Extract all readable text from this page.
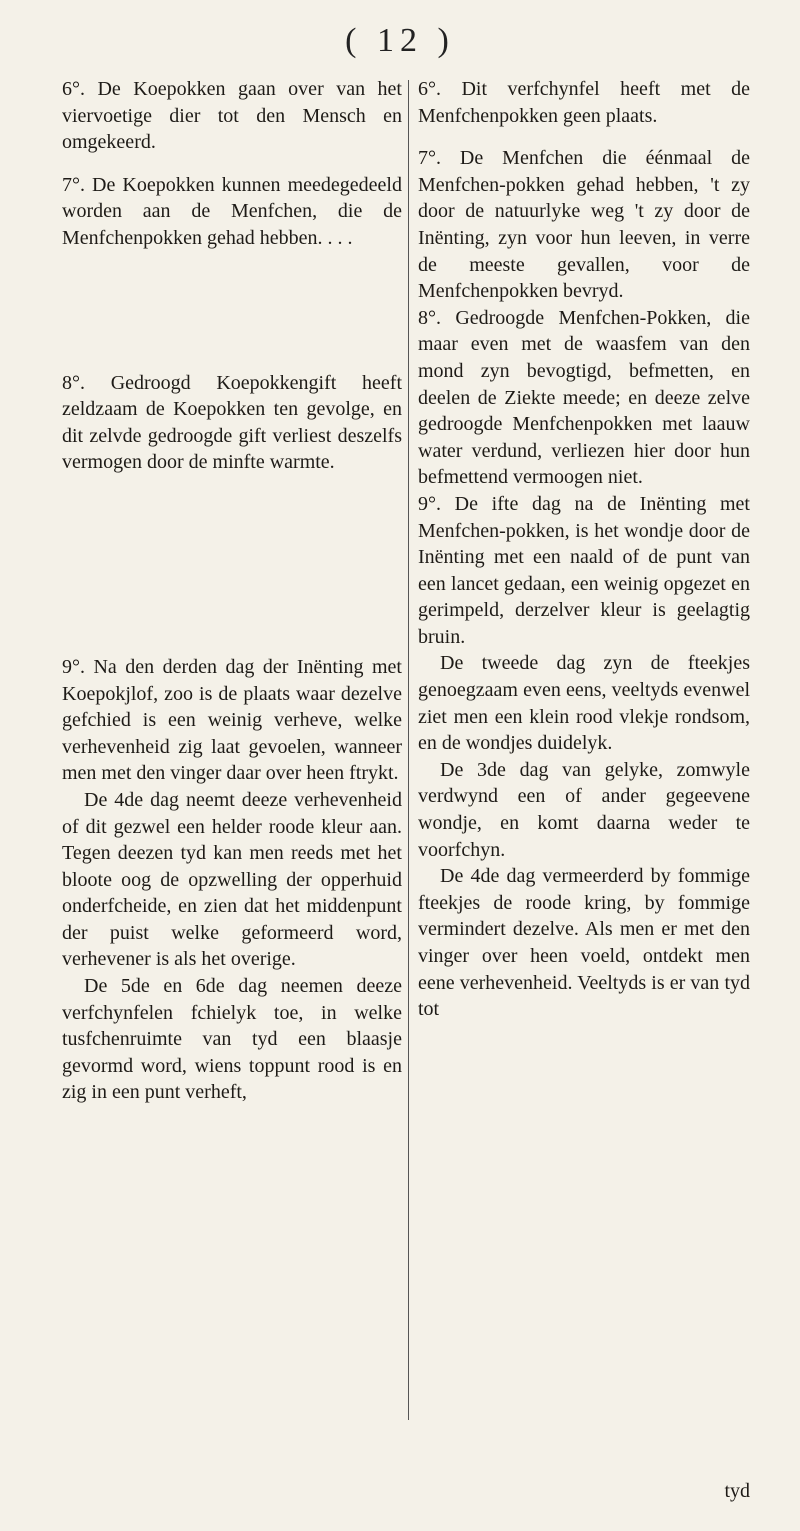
( 12 )

6°. De Koepokken gaan over van het viervoetige dier tot den Mensch en omgekeerd.

7°. De Koepokken kunnen meedegedeeld worden aan de Menfchen, die de Menfchenpokken gehad hebben. . . .

8°. Gedroogd Koepokkengift heeft zeldzaam de Koepokken ten gevolge, en dit zelvde gedroogde gift verliest deszelfs vermogen door de minfte warmte.

9°. Na den derden dag der Inënting met Koepokjlof, zoo is de plaats waar dezelve gefchied is een weinig verheve, welke verhevenheid zig laat gevoelen, wanneer men met den vinger daar over heen ftrykt.

De 4de dag neemt deeze verhevenheid of dit gezwel een helder roode kleur aan. Tegen deezen tyd kan men reeds met het bloote oog de opzwelling der opperhuid onderfcheide, en zien dat het middenpunt der puist welke geformeerd word, verhevener is als het overige.

De 5de en 6de dag neemen deeze verfchynfelen fchielyk toe, in welke tusfchenruimte van tyd een blaasje gevormd word, wiens toppunt rood is en zig in een punt verheft,

6°. Dit verfchynfel heeft met de Menfchenpokken geen plaats.

7°. De Menfchen die éénmaal de Menfchen-pokken gehad hebben, 't zy door de natuurlyke weg 't zy door de Inënting, zyn voor hun leeven, in verre de meeste gevallen, voor de Menfchenpokken bevryd.

8°. Gedroogde Menfchen-Pokken, die maar even met de waasfem van den mond zyn bevogtigd, befmetten, en deelen de Ziekte meede; en deeze zelve gedroogde Menfchenpokken met laauw water verdund, verliezen hier door hun befmettend vermoogen niet.

9°. De ifte dag na de Inënting met Menfchen-pokken, is het wondje door de Inënting met een naald of de punt van een lancet gedaan, een weinig opgezet en gerimpeld, derzelver kleur is geelagtig bruin.

De tweede dag zyn de fteekjes genoegzaam even eens, veeltyds evenwel ziet men een klein rood vlekje rondsom, en de wondjes duidelyk.

De 3de dag van gelyke, zomwyle verdwynd een of ander gegeevene wondje, en komt daarna weder te voorfchyn.

De 4de dag vermeerderd by fommige fteekjes de roode kring, by fommige vermindert dezelve. Als men er met den vinger over heen voeld, ontdekt men eene verhevenheid. Veeltyds is er van tyd tot

tyd
